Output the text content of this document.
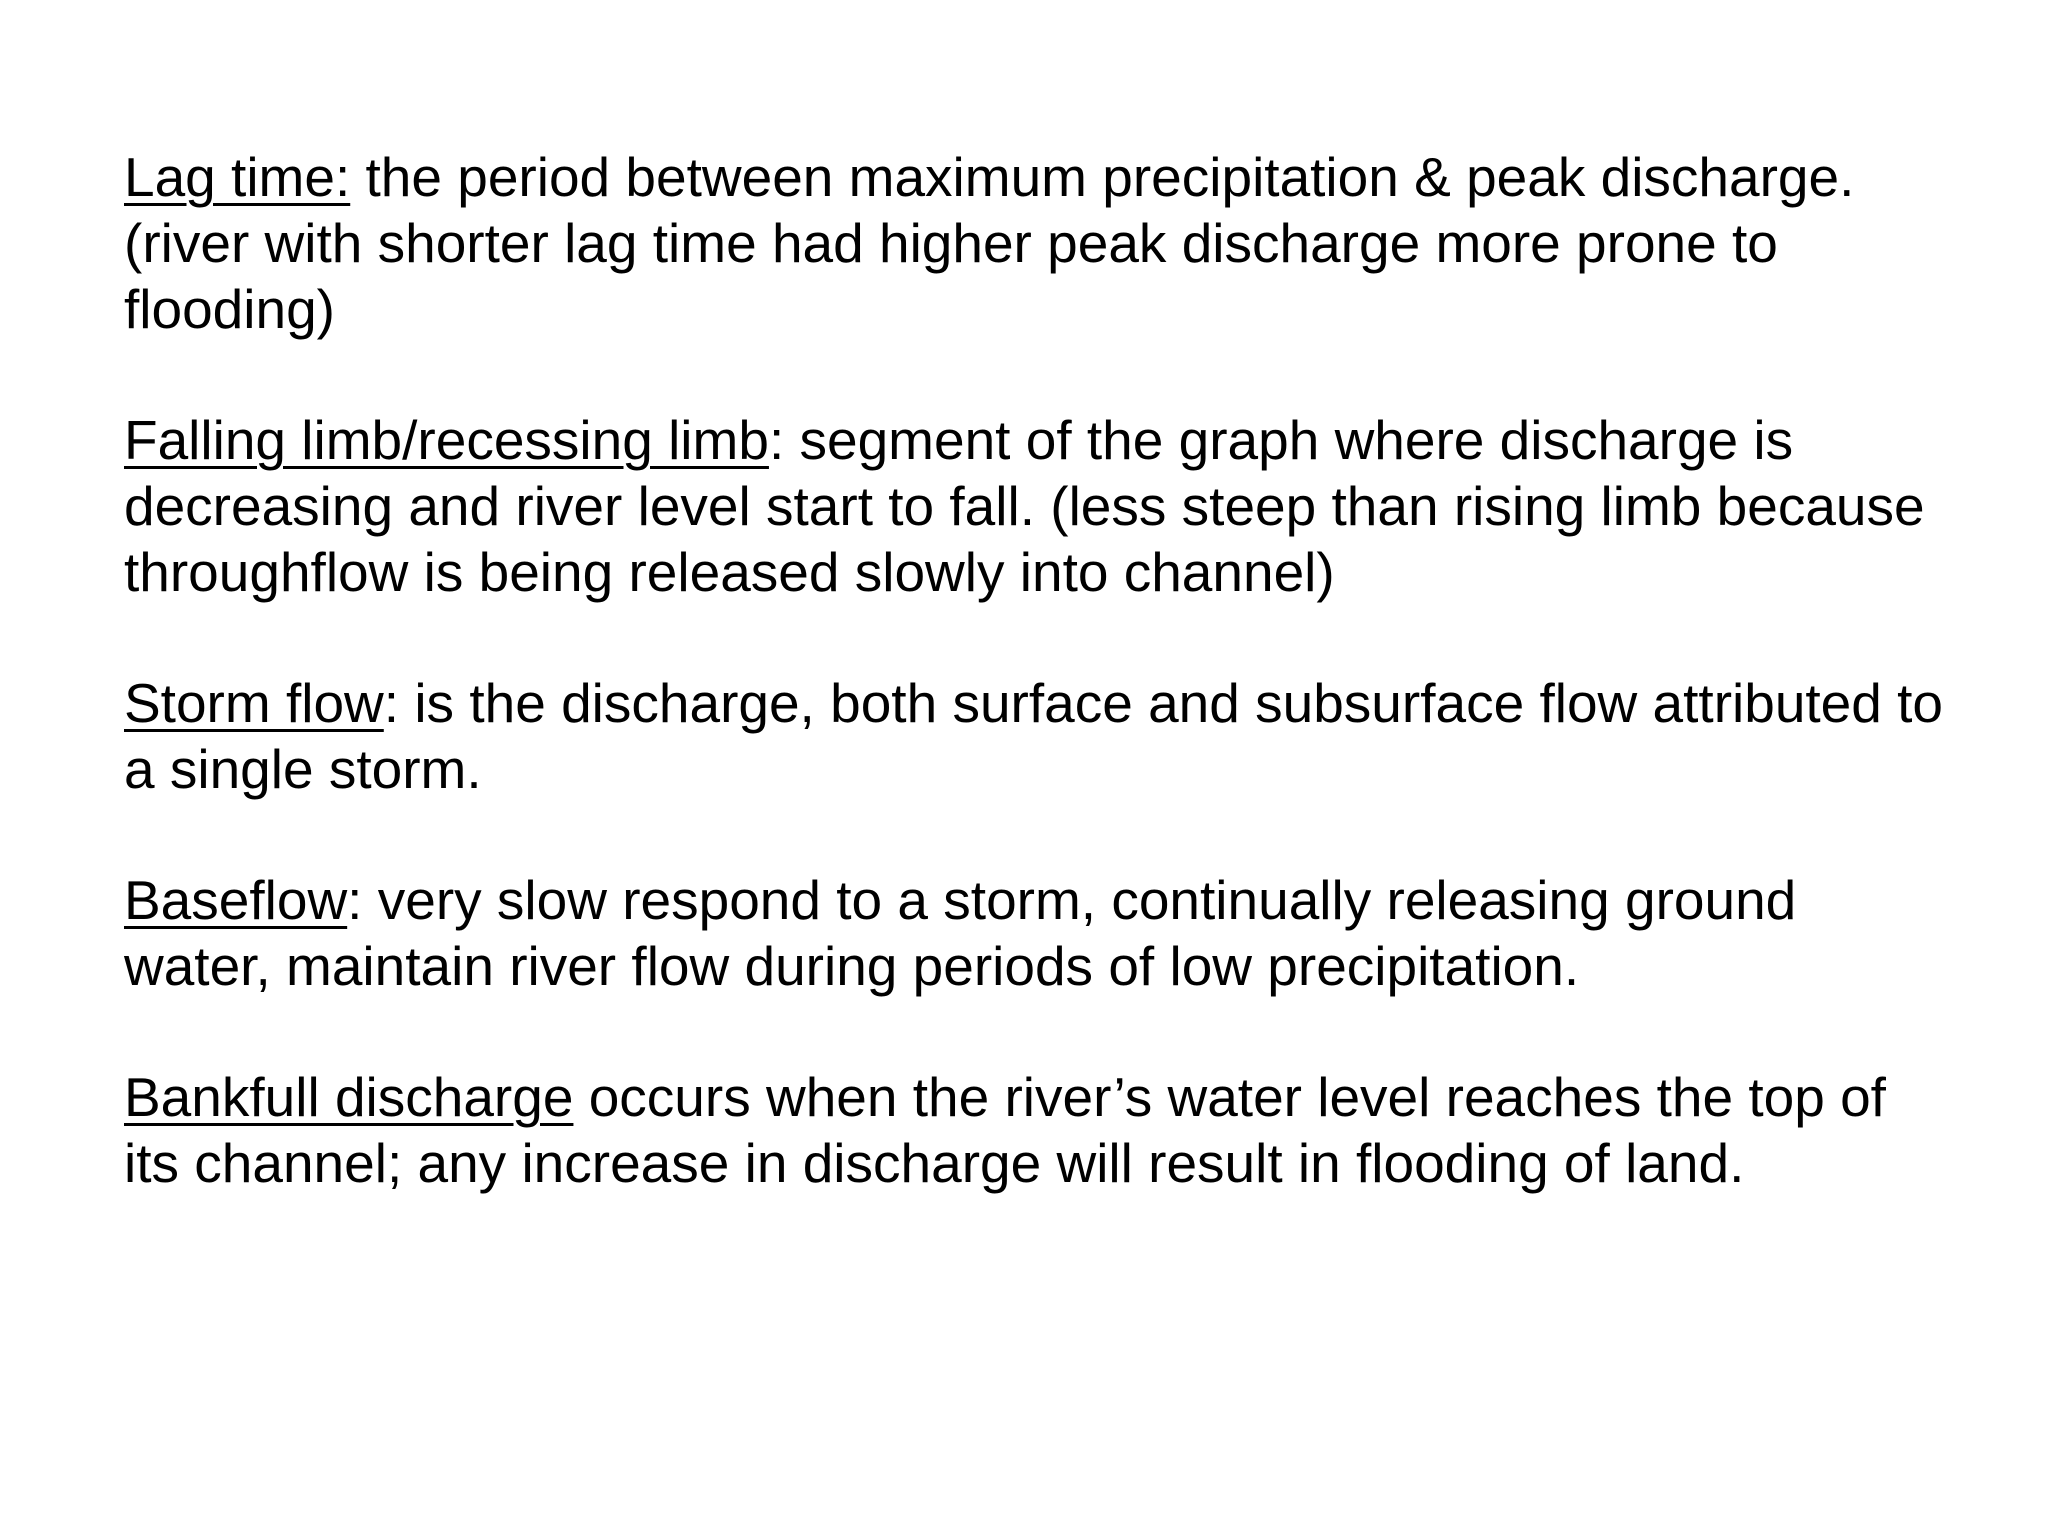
Lag time: the period between maximum precipitation & peak discharge. (river with shorter lag time had higher peak discharge more prone to flooding)

Falling limb/recessing limb: segment of the graph where discharge is decreasing and river level start to fall. (less steep than rising limb because throughflow is being released slowly into channel)

Storm flow: is the discharge, both surface and subsurface flow attributed to a single storm.

Baseflow: very slow respond to a storm, continually releasing ground water, maintain river flow during periods of low precipitation.

Bankfull discharge occurs when the river’s water level reaches the top of its channel; any increase in discharge will result in flooding of land.
